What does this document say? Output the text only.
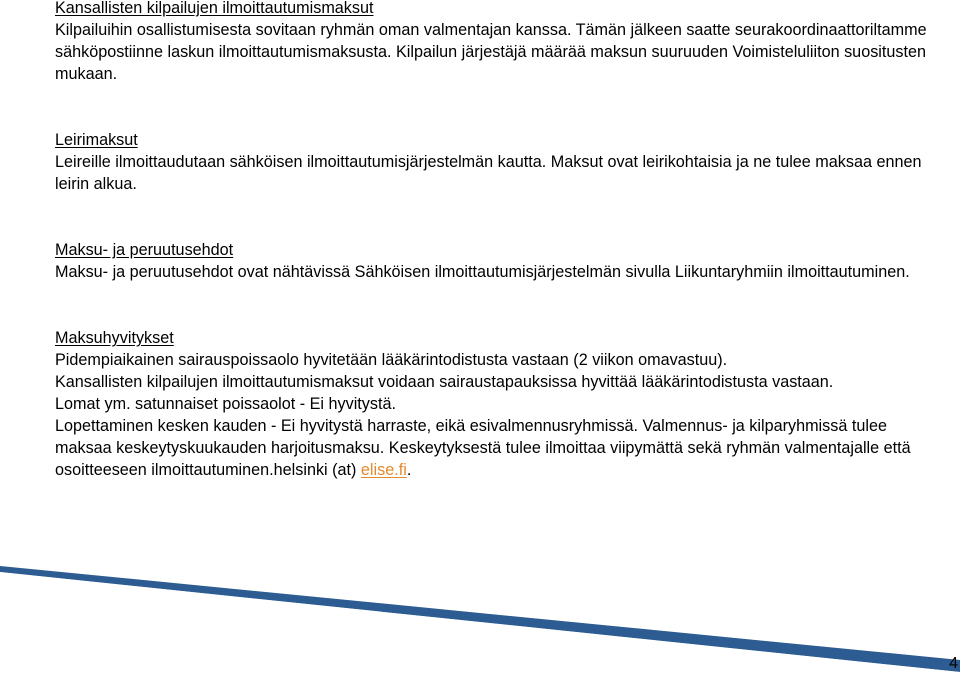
Kansallisten kilpailujen ilmoittautumismaksut
Kilpailuihin osallistumisesta sovitaan ryhmän oman valmentajan kanssa. Tämän jälkeen saatte seurakoordinaattoriltamme sähköpostiinne laskun ilmoittautumismaksusta. Kilpailun järjestäjä määrää maksun suuruuden Voimisteluliiton suositusten mukaan.
Leirimaksut
Leireille ilmoittaudutaan sähköisen ilmoittautumisjärjestelmän kautta. Maksut ovat leirikohtaisia ja ne tulee maksaa ennen leirin alkua.
Maksu- ja peruutusehdot
Maksu- ja peruutusehdot ovat nähtävissä Sähköisen ilmoittautumisjärjestelmän sivulla Liikuntaryhmiin ilmoittautuminen.
Maksuhyvitykset
Pidempiaikainen sairauspoissaolo hyvitetään lääkärintodistusta vastaan (2 viikon omavastuu).
Kansallisten kilpailujen ilmoittautumismaksut voidaan sairaustapauksissa hyvittää lääkärintodistusta vastaan.
Lomat ym. satunnaiset poissaolot - Ei hyvitystä.
Lopettaminen kesken kauden - Ei hyvitystä harraste, eikä esivalmennusryhmissä. Valmennus- ja kilparyhmissä tulee maksaa keskeytyskuukauden harjoitusmaksu. Keskeytyksestä tulee ilmoittaa viipymättä sekä ryhmän valmentajalle että osoitteeseen ilmoittautuminen.helsinki (at) elise.fi.
4
